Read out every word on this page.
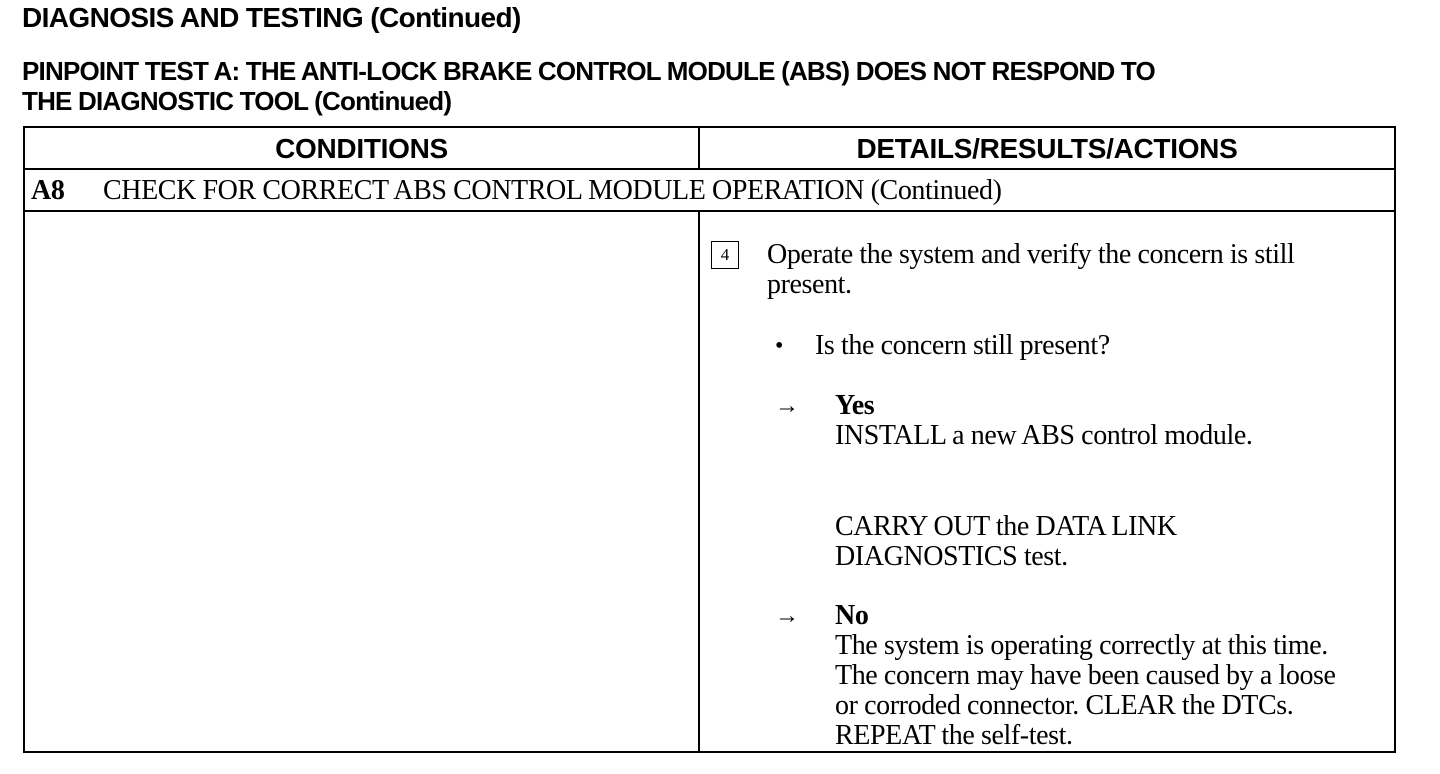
DIAGNOSIS AND TESTING (Continued)
PINPOINT TEST A: THE ANTI-LOCK BRAKE CONTROL MODULE (ABS) DOES NOT RESPOND TO
THE DIAGNOSTIC TOOL (Continued)
CONDITIONS	DETAILS/RESULTS/ACTIONS
A8 CHECK FOR CORRECT ABS CONTROL MODULE OPERATION (Continued)
4	Operate the system and verify the concern is still
present.
• Is the concern still present?
→ Yes
INSTALL a new ABS control module.
CARRY OUT the DATA LINK
DIAGNOSTICS test.
→ No
The system is operating correctly at this time.
The concern may have been caused by a loose
or corroded connector. CLEAR the DTCs.
REPEAT the self-test.
